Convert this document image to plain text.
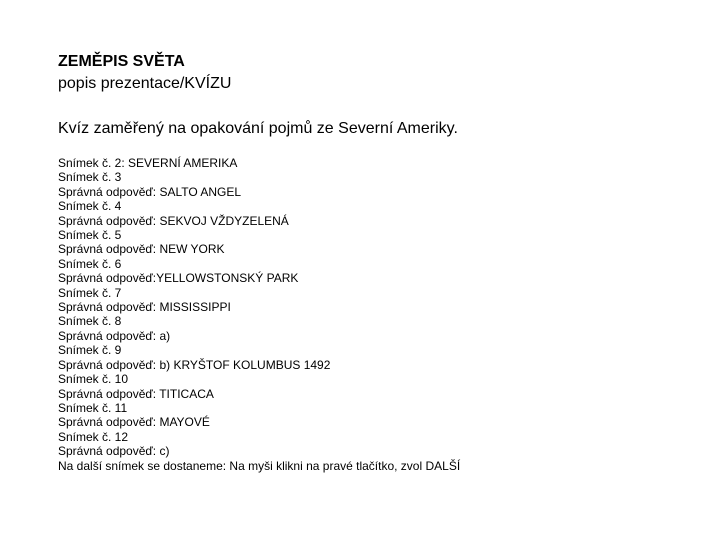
ZEMĚPIS SVĚTA
popis prezentace/KVÍZU
Kvíz zaměřený na opakování pojmů ze Severní Ameriky.
Snímek č. 2: SEVERNÍ AMERIKA
Snímek č. 3
Správná odpověď: SALTO ANGEL
Snímek č. 4
Správná odpověď: SEKVOJ VŽDYZELENÁ
Snímek č. 5
Správná odpověď: NEW YORK
Snímek č. 6
Správná odpověď:YELLOWSTONSKÝ PARK
Snímek č. 7
Správná odpověď: MISSISSIPPI
Snímek č. 8
Správná odpověď: a)
Snímek č. 9
Správná odpověď: b) KRYŠTOF KOLUMBUS 1492
Snímek č. 10
Správná odpověď: TITICACA
Snímek č. 11
Správná odpověď: MAYOVÉ
Snímek č. 12
Správná odpověď: c)
Na další snímek se dostaneme: Na myši klikni na pravé tlačítko, zvol DALŠÍ
